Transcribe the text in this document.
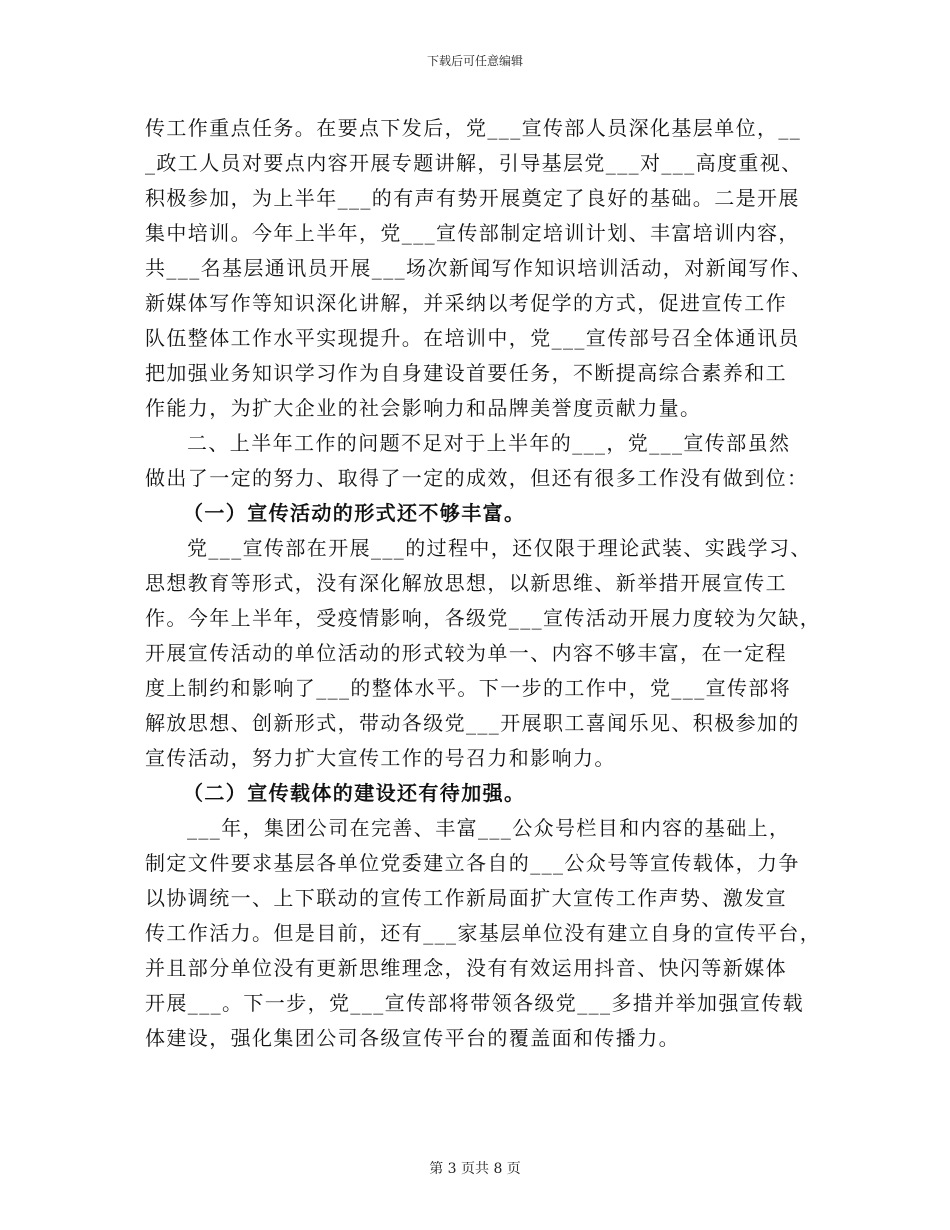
下载后可任意编辑
传工作重点任务。在要点下发后，党___宣传部人员深化基层单位，__
_政工人员对要点内容开展专题讲解，引导基层党___对___高度重视、
积极参加，为上半年___的有声有势开展奠定了良好的基础。二是开展
集中培训。今年上半年，党___宣传部制定培训计划、丰富培训内容，
共___名基层通讯员开展___场次新闻写作知识培训活动，对新闻写作、
新媒体写作等知识深化讲解，并采纳以考促学的方式，促进宣传工作
队伍整体工作水平实现提升。在培训中，党___宣传部号召全体通讯员
把加强业务知识学习作为自身建设首要任务，不断提高综合素养和工
作能力，为扩大企业的社会影响力和品牌美誉度贡献力量。
二、上半年工作的问题不足对于上半年的___，党___宣传部虽然
做出了一定的努力、取得了一定的成效，但还有很多工作没有做到位：
（一）宣传活动的形式还不够丰富。
党___宣传部在开展___的过程中，还仅限于理论武装、实践学习、
思想教育等形式，没有深化解放思想，以新思维、新举措开展宣传工
作。今年上半年，受疫情影响，各级党___宣传活动开展力度较为欠缺，
开展宣传活动的单位活动的形式较为单一、内容不够丰富，在一定程
度上制约和影响了___的整体水平。下一步的工作中，党___宣传部将
解放思想、创新形式，带动各级党___开展职工喜闻乐见、积极参加的
宣传活动，努力扩大宣传工作的号召力和影响力。
（二）宣传载体的建设还有待加强。
___年，集团公司在完善、丰富___公众号栏目和内容的基础上，
制定文件要求基层各单位党委建立各自的___公众号等宣传载体，力争
以协调统一、上下联动的宣传工作新局面扩大宣传工作声势、激发宣
传工作活力。但是目前，还有___家基层单位没有建立自身的宣传平台，
并且部分单位没有更新思维理念，没有有效运用抖音、快闪等新媒体
开展___。下一步，党___宣传部将带领各级党___多措并举加强宣传载
体建设，强化集团公司各级宣传平台的覆盖面和传播力。
第 3 页共 8 页
